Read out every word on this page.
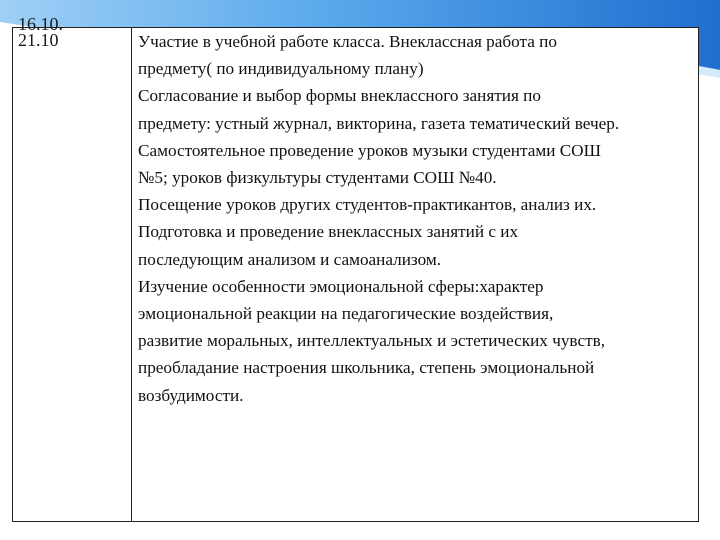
16.10.
21.10	Участие в учебной работе класса. Внеклассная работа по
предмету( по индивидуальному плану)
Согласование и выбор формы внеклассного занятия по
предмету: устный журнал, викторина, газета тематический вечер.
Самостоятельное проведение уроков музыки студентами СОШ
№5; уроков физкультуры студентами СОШ №40.
Посещение уроков других студентов-практикантов, анализ их.
Подготовка и проведение внеклассных занятий с их
последующим анализом и самоанализом.
Изучение особенности эмоциональной сферы:характер
эмоциональной реакции на педагогические воздействия,
развитие моральных, интеллектуальных и эстетических чувств,
преобладание настроения школьника, степень эмоциональной
возбудимости.
